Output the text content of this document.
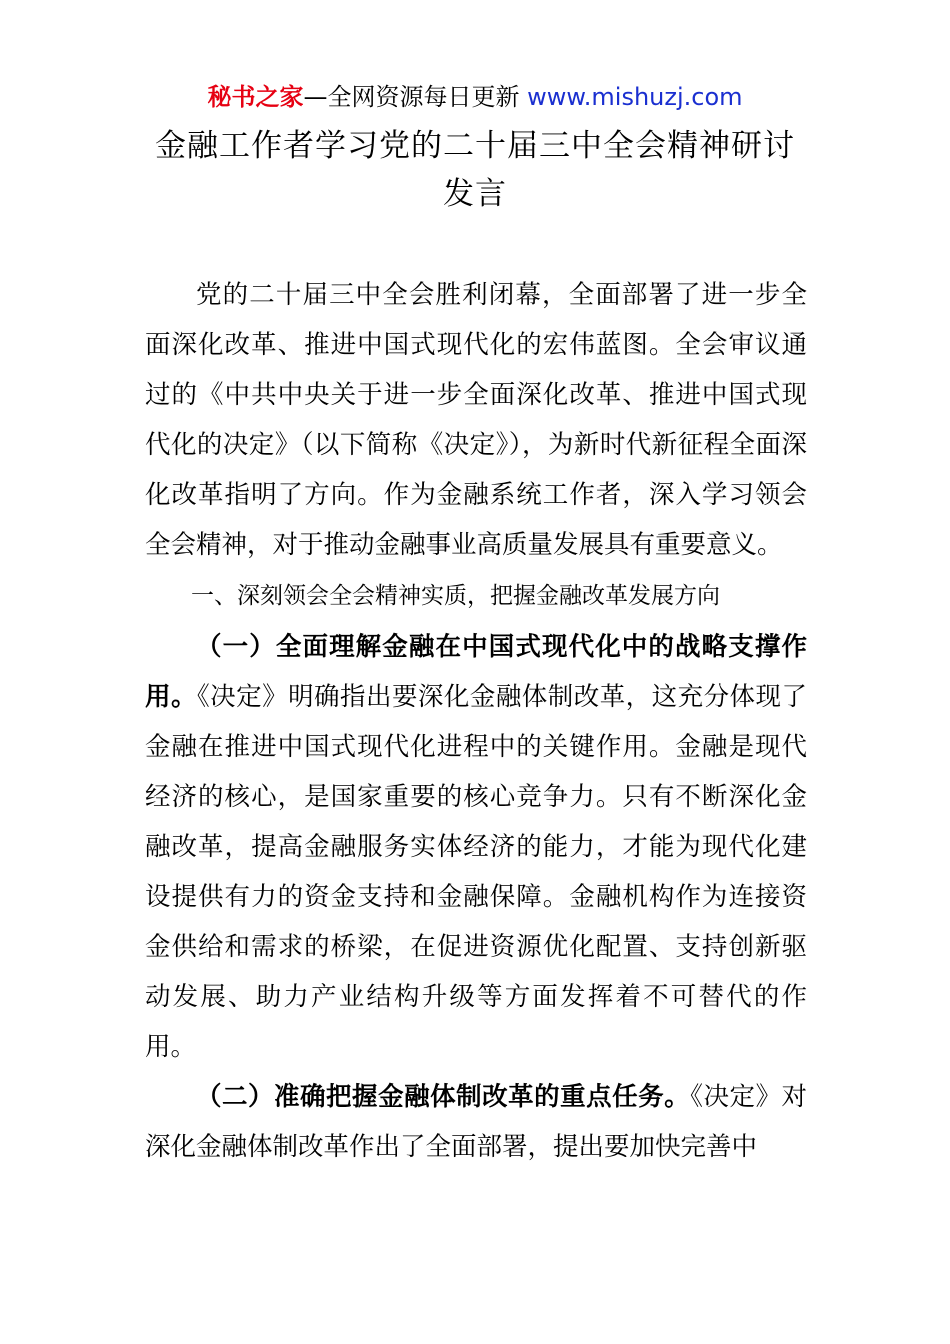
秘书之家—全网资源每日更新 www.mishuzj.com
金融工作者学习党的二十届三中全会精神研讨发言

党的二十届三中全会胜利闭幕，全面部署了进一步全面深化改革、推进中国式现代化的宏伟蓝图。全会审议通过的《中共中央关于进一步全面深化改革、推进中国式现代化的决定》（以下简称《决定》），为新时代新征程全面深化改革指明了方向。作为金融系统工作者，深入学习领会全会精神，对于推动金融事业高质量发展具有重要意义。

一、深刻领会全会精神实质，把握金融改革发展方向

（一）全面理解金融在中国式现代化中的战略支撑作用。《决定》明确指出要深化金融体制改革，这充分体现了金融在推进中国式现代化进程中的关键作用。金融是现代经济的核心，是国家重要的核心竞争力。只有不断深化金融改革，提高金融服务实体经济的能力，才能为现代化建设提供有力的资金支持和金融保障。金融机构作为连接资金供给和需求的桥梁，在促进资源优化配置、支持创新驱动发展、助力产业结构升级等方面发挥着不可替代的作用。

（二）准确把握金融体制改革的重点任务。《决定》对深化金融体制改革作出了全面部署，提出要加快完善中
